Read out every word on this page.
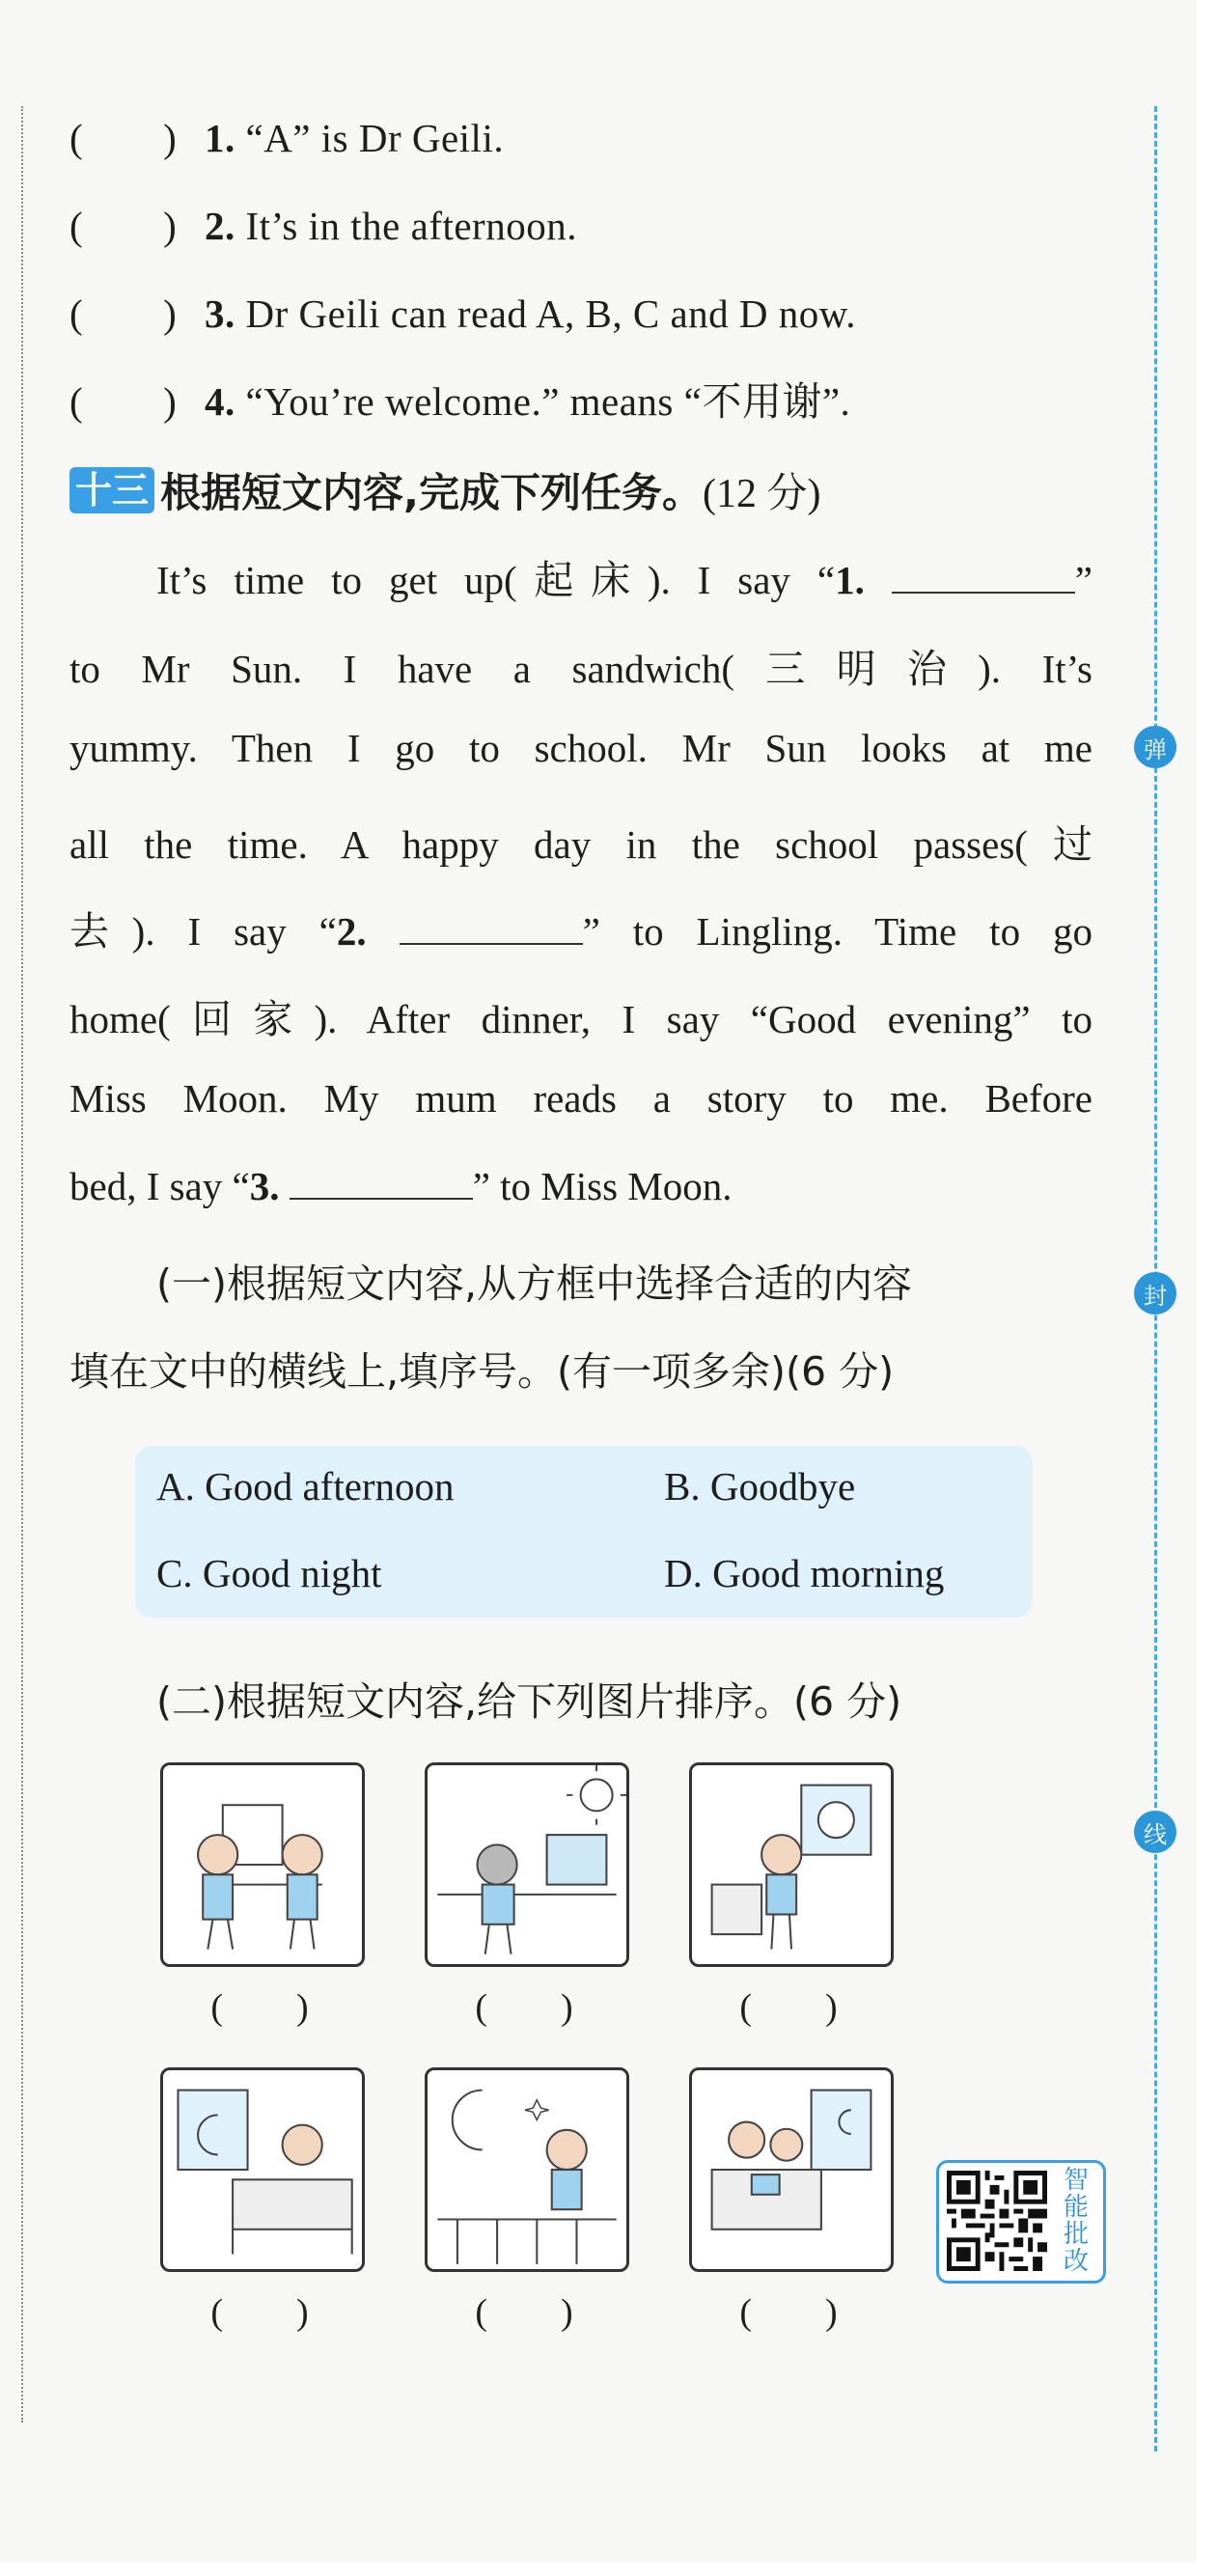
弹
封
线
(　　) 1. “A” is Dr Geili.
(　　) 2. It’s in the afternoon.
(　　) 3. Dr Geili can read A, B, C and D now.
(　　) 4. “You’re welcome.” means “不用谢”.
十三 根据短文内容,完成下列任务。 (12 分)
It’s time to get up(起床). I say “1.	”
to Mr Sun. I have a sandwich(三明治). It’s
yummy. Then I go to school. Mr Sun looks at me
all the time. A happy day in the school passes(过
去). I say “2.	” to Lingling. Time to go
home(回家). After dinner, I say “Good evening” to
Miss Moon. My mum reads a story to me. Before
bed, I say “3.	” to Miss Moon.
(一)根据短文内容,从方框中选择合适的内容
填在文中的横线上,填序号。(有一项多余)(6 分)
A. Good afternoon	B. Goodbye
C. Good night	D. Good morning
(二)根据短文内容,给下列图片排序。(6 分)
(　　)	(　　)	(　　)
(　　)	(　　)	(　　)
智
能
批
改
